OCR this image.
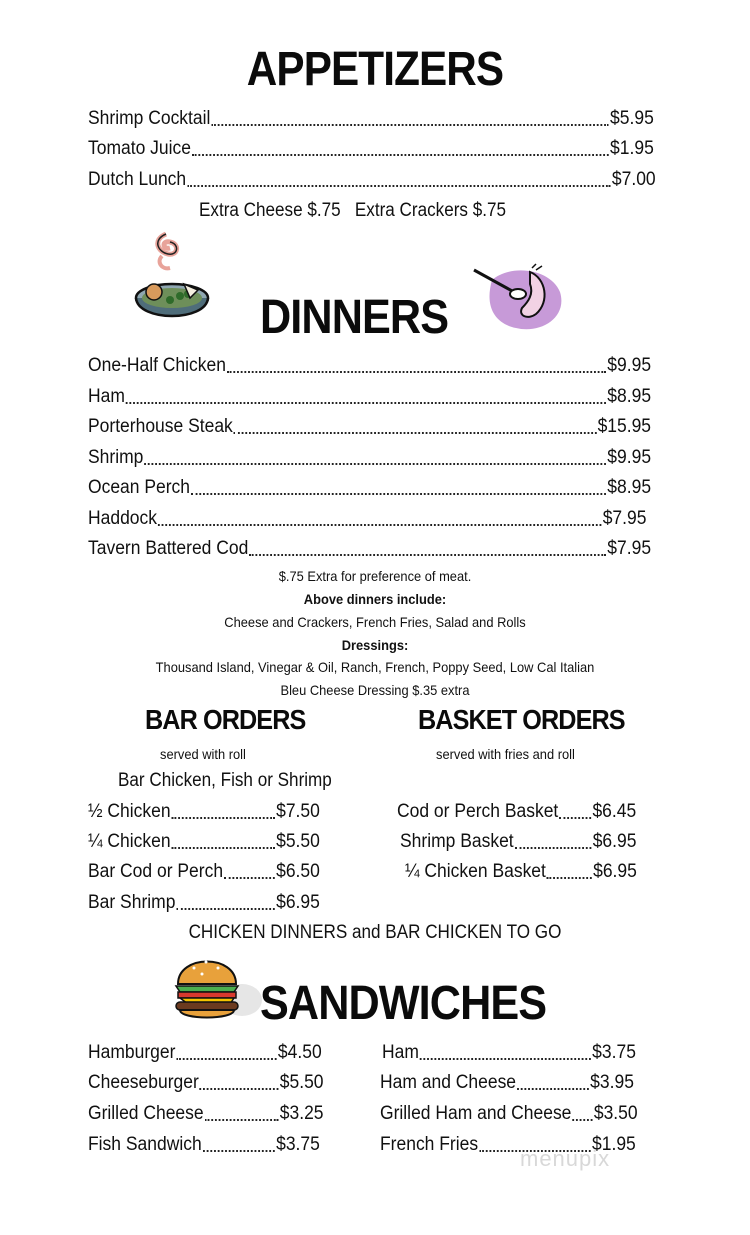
APPETIZERS
Shrimp Cocktail	$5.95
Tomato Juice	$1.95
Dutch Lunch	$7.00
Extra Cheese $.75   Extra Crackers $.75
DINNERS
One-Half Chicken	$9.95
Ham	$8.95
Porterhouse Steak	$15.95
Shrimp	$9.95
Ocean Perch	$8.95
Haddock	$7.95
Tavern Battered Cod	$7.95
$.75 Extra for preference of meat.
Above dinners include:
Cheese and Crackers, French Fries, Salad and Rolls
Dressings:
Thousand Island, Vinegar & Oil, Ranch, French, Poppy Seed, Low Cal Italian
Bleu Cheese Dressing $.35 extra
BAR ORDERS
served with roll
Bar Chicken, Fish or Shrimp
½ Chicken	$7.50
¼ Chicken	$5.50
Bar Cod or Perch	$6.50
Bar Shrimp	$6.95
BASKET ORDERS
served with fries and roll
Cod or Perch Basket $6.45
Shrimp Basket	$6.95
¼ Chicken Basket $6.95
CHICKEN DINNERS and BAR CHICKEN TO GO
SANDWICHES
Hamburger	$4.50
Cheeseburger	$5.50
Grilled Cheese	$3.25
Fish Sandwich	$3.75
Ham	$3.75
Ham and Cheese	$3.95
Grilled Ham and Cheese $3.50
French Fries	$1.95
menupix
